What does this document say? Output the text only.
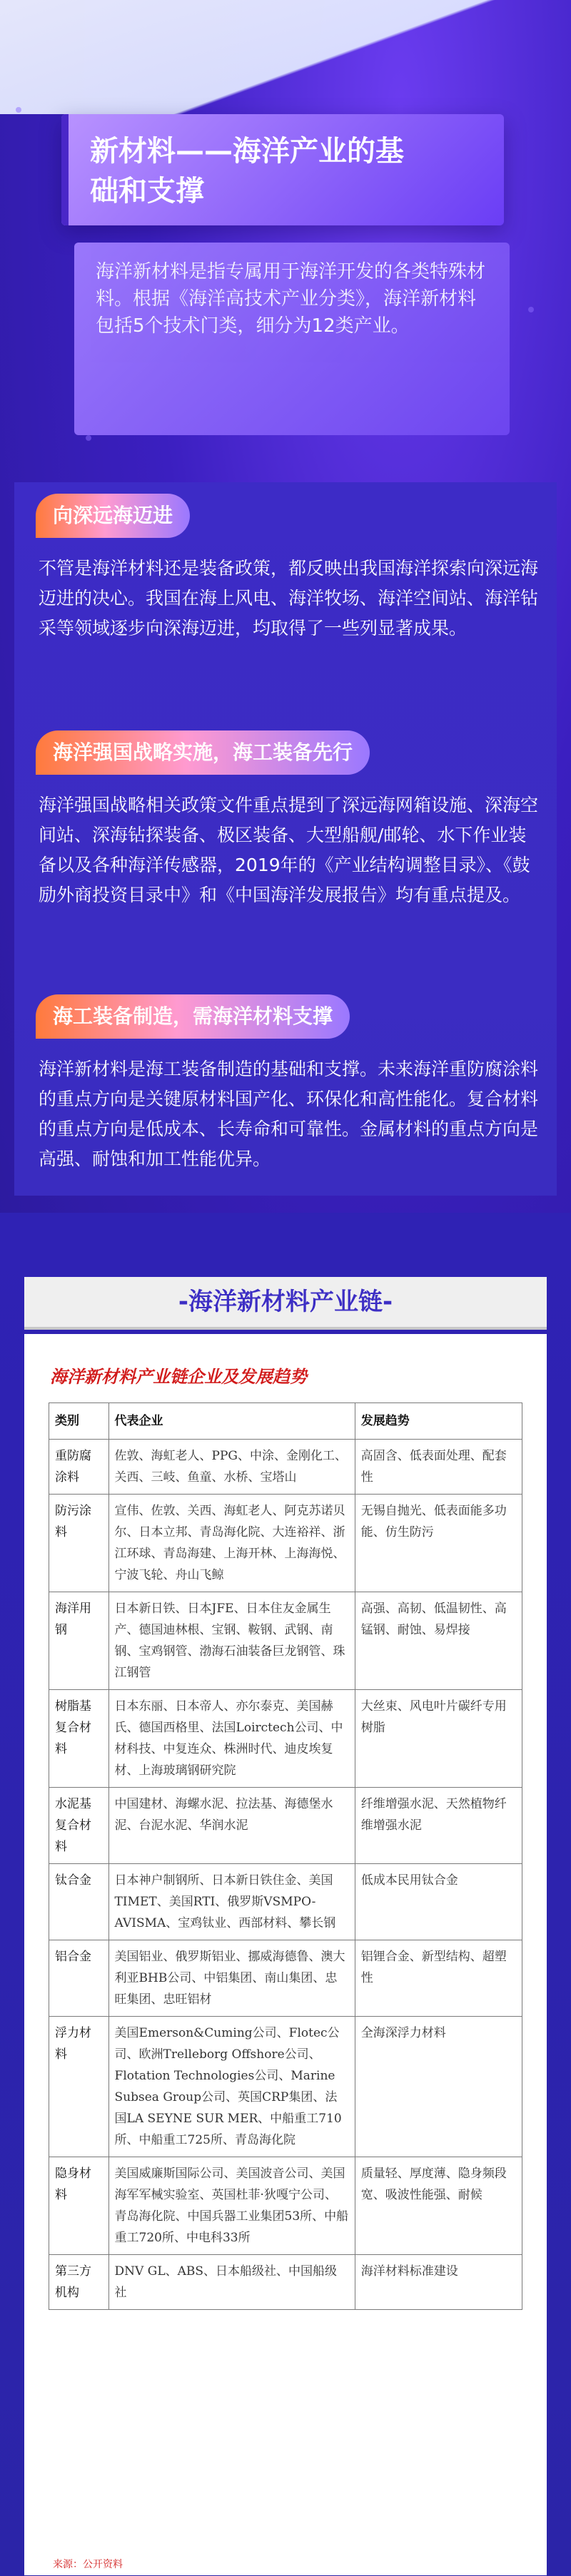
新材料——海洋产业的基
础和支撑
海洋新材料是指专属用于海洋开发的各类特殊材料。根据《海洋高技术产业分类》，海洋新材料包括5个技术门类，细分为12类产业。
向深远海迈进
不管是海洋材料还是装备政策，都反映出我国海洋探索向深远海迈进的决心。我国在海上风电、海洋牧场、海洋空间站、海洋钻采等领域逐步向深海迈进，均取得了一些列显著成果。
海洋强国战略实施，海工装备先行
海洋强国战略相关政策文件重点提到了深远海网箱设施、深海空间站、深海钻探装备、极区装备、大型船舰/邮轮、水下作业装备以及各种海洋传感器，2019年的《产业结构调整目录》、《鼓励外商投资目录中》和《中国海洋发展报告》均有重点提及。
海工装备制造，需海洋材料支撑
海洋新材料是海工装备制造的基础和支撑。未来海洋重防腐涂料的重点方向是关键原材料国产化、环保化和高性能化。复合材料的重点方向是低成本、长寿命和可靠性。金属材料的重点方向是高强、耐蚀和加工性能优异。
-海洋新材料产业链-
海洋新材料产业链企业及发展趋势
类别	代表企业	发展趋势
重防腐涂料	佐敦、海虹老人、PPG、中涂、金刚化工、关西、三岐、鱼童、水桥、宝塔山	高固含、低表面处理、配套性
防污涂料	宣伟、佐敦、关西、海虹老人、阿克苏诺贝尔、日本立邦、青岛海化院、大连裕祥、浙江环球、青岛海建、上海开林、上海海悦、宁波飞轮、舟山飞鲸	无锡自抛光、低表面能多功能、仿生防污
海洋用钢	日本新日铁、日本JFE、日本住友金属生产、德国迪林根、宝钢、鞍钢、武钢、南钢、宝鸡钢管、渤海石油装备巨龙钢管、珠江钢管	高强、高韧、低温韧性、高锰钢、耐蚀、易焊接
树脂基复合材料	日本东丽、日本帝人、亦尔泰克、美国赫氏、德国西格里、法国Loirctech公司、中材科技、中复连众、株洲时代、迪皮埃复材、上海玻璃钢研究院	大丝束、风电叶片碳纤专用树脂
水泥基复合材料	中国建材、海螺水泥、拉法基、海德堡水泥、台泥水泥、华润水泥	纤维增强水泥、天然植物纤维增强水泥
钛合金	日本神户制钢所、日本新日铁住金、美国TIMET、美国RTI、俄罗斯VSMPO-AVISMA、宝鸡钛业、西部材料、攀长钢	低成本民用钛合金
铝合金	美国铝业、俄罗斯铝业、挪威海德鲁、澳大利亚BHB公司、中铝集团、南山集团、忠旺集团、忠旺铝材	铝锂合金、新型结构、超塑性
浮力材料	美国Emerson&Cuming公司、Flotec公司、欧洲Trelleborg Offshore公司、Flotation Technologies公司、Marine Subsea Group公司、英国CRP集团、法国LA SEYNE SUR MER、中船重工710所、中船重工725所、青岛海化院	全海深浮力材料
隐身材料	美国威廉斯国际公司、美国波音公司、美国海军军械实验室、英国杜菲·狄嘎宁公司、青岛海化院、中国兵器工业集团53所、中船重工720所、中电科33所	质量轻、厚度薄、隐身频段宽、吸波性能强、耐候
第三方机构	DNV GL、ABS、日本船级社、中国船级社	海洋材料标准建设
来源：公开资料
